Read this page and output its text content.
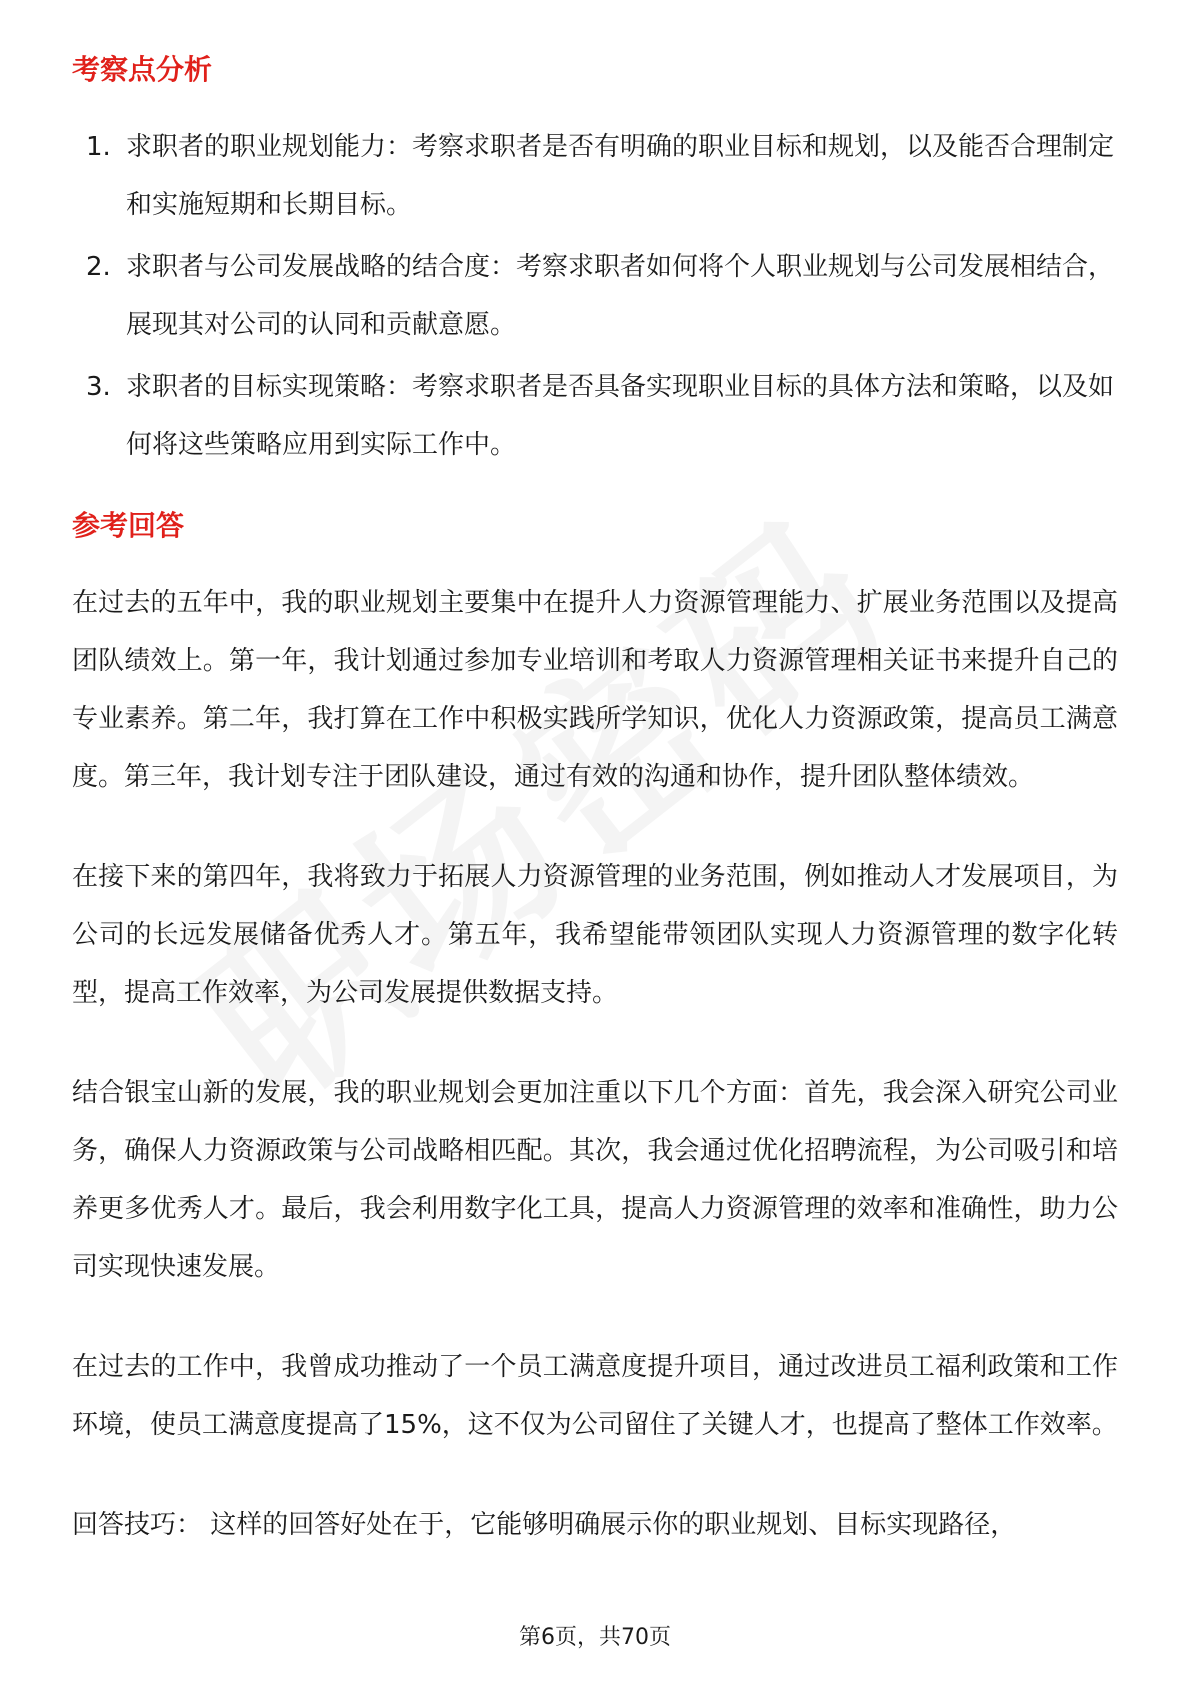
考察点分析
1. 求职者的职业规划能力：考察求职者是否有明确的职业目标和规划，以及能否合理制定和实施短期和长期目标。
2. 求职者与公司发展战略的结合度：考察求职者如何将个人职业规划与公司发展相结合，展现其对公司的认同和贡献意愿。
3. 求职者的目标实现策略：考察求职者是否具备实现职业目标的具体方法和策略，以及如何将这些策略应用到实际工作中。
参考回答

在过去的五年中，我的职业规划主要集中在提升人力资源管理能力、扩展业务范围以及提高团队绩效上。第一年，我计划通过参加专业培训和考取人力资源管理相关证书来提升自己的专业素养。第二年，我打算在工作中积极实践所学知识，优化人力资源政策，提高员工满意度。第三年，我计划专注于团队建设，通过有效的沟通和协作，提升团队整体绩效。

在接下来的第四年，我将致力于拓展人力资源管理的业务范围，例如推动人才发展项目，为公司的长远发展储备优秀人才。第五年，我希望能带领团队实现人力资源管理的数字化转型，提高工作效率，为公司发展提供数据支持。

结合银宝山新的发展，我的职业规划会更加注重以下几个方面：首先，我会深入研究公司业务，确保人力资源政策与公司战略相匹配。其次，我会通过优化招聘流程，为公司吸引和培养更多优秀人才。最后，我会利用数字化工具，提高人力资源管理的效率和准确性，助力公司实现快速发展。

在过去的工作中，我曾成功推动了一个员工满意度提升项目，通过改进员工福利政策和工作环境，使员工满意度提高了15%，这不仅为公司留住了关键人才，也提高了整体工作效率。

回答技巧： 这样的回答好处在于，它能够明确展示你的职业规划、目标实现路径，

第6页，共70页
